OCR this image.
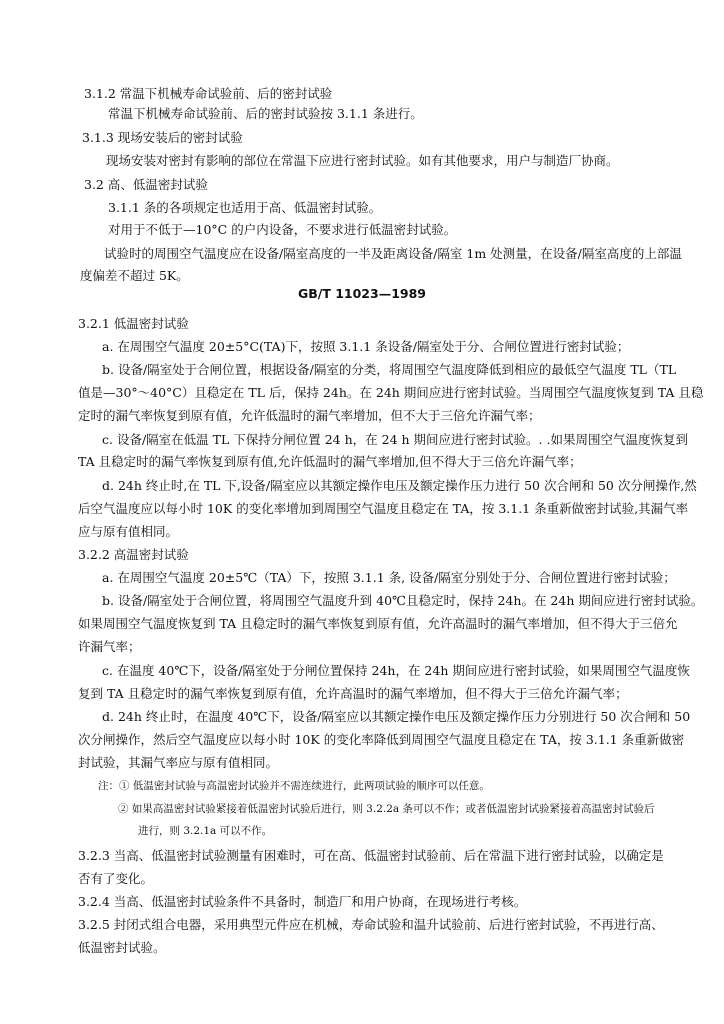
3.1.2 常温下机械寿命试验前、后的密封试验
常温下机械寿命试验前、后的密封试验按 3.1.1 条进行。
3.1.3 现场安装后的密封试验
现场安装对密封有影响的部位在常温下应进行密封试验。如有其他要求，用户与制造厂协商。
3.2 高、低温密封试验
3.1.1 条的各项规定也适用于高、低温密封试验。
对用于不低于—10°C 的户内设备，不要求进行低温密封试验。
试验时的周围空气温度应在设备/隔室高度的一半及距离设备/隔室 1m 处测量，在设备/隔室高度的上部温
度偏差不超过 5K。
GB/T 11023—1989
3.2.1 低温密封试验
a. 在周围空气温度 20±5°C(TA)下，按照 3.1.1 条设备/隔室处于分、合闸位置进行密封试验；
b. 设备/隔室处于合闸位置，根据设备/隔室的分类，将周围空气温度降低到相应的最低空气温度 TL（TL
值是—30°～40°C）且稳定在 TL 后，保持 24h。在 24h 期间应进行密封试验。当周围空气温度恢复到 TA 且稳
定时的漏气率恢复到原有值，允许低温时的漏气率增加，但不大于三倍允许漏气率；
c. 设备/隔室在低温 TL 下保持分闸位置 24 h，在 24 h 期间应进行密封试验。. .如果周围空气温度恢复到
TA 且稳定时的漏气率恢复到原有值,允许低温时的漏气率增加,但不得大于三倍允许漏气率；
d. 24h 终止时,在 TL 下,设备/隔室应以其额定操作电压及额定操作压力进行 50 次合闸和 50 次分闸操作,然
后空气温度应以每小时 10K 的变化率增加到周围空气温度且稳定在 TA，按 3.1.1 条重新做密封试验,其漏气率
应与原有值相同。
3.2.2 高温密封试验
a. 在周围空气温度 20±5℃（TA）下，按照 3.1.1 条, 设备/隔室分别处于分、合闸位置进行密封试验；
b. 设备/隔室处于合闸位置，将周围空气温度升到 40℃且稳定时，保持 24h。在 24h 期间应进行密封试验。
如果周围空气温度恢复到 TA 且稳定时的漏气率恢复到原有值，允许高温时的漏气率增加，但不得大于三倍允
许漏气率；
c. 在温度 40℃下，设备/隔室处于分闸位置保持 24h，在 24h 期间应进行密封试验，如果周围空气温度恢
复到 TA 且稳定时的漏气率恢复到原有值，允许高温时的漏气率增加，但不得大于三倍允许漏气率；
d. 24h 终止时，在温度 40℃下，设备/隔室应以其额定操作电压及额定操作压力分别进行 50 次合闸和 50
次分闸操作，然后空气温度应以每小时 10K 的变化率降低到周围空气温度且稳定在 TA，按 3.1.1 条重新做密
封试验，其漏气率应与原有值相同。
注：① 低温密封试验与高温密封试验并不需连续进行，此两项试验的顺序可以任意。
② 如果高温密封试验紧接着低温密封试验后进行，则 3.2.2a 条可以不作；或者低温密封试验紧接着高温密封试验后
进行，则 3.2.1a 可以不作。
3.2.3 当高、低温密封试验测量有困难时，可在高、低温密封试验前、后在常温下进行密封试验，以确定是
否有了变化。
3.2.4 当高、低温密封试验条件不具备时，制造厂和用户协商，在现场进行考核。
3.2.5 封闭式组合电器，采用典型元件应在机械，寿命试验和温升试验前、后进行密封试验，不再进行高、
低温密封试验。
